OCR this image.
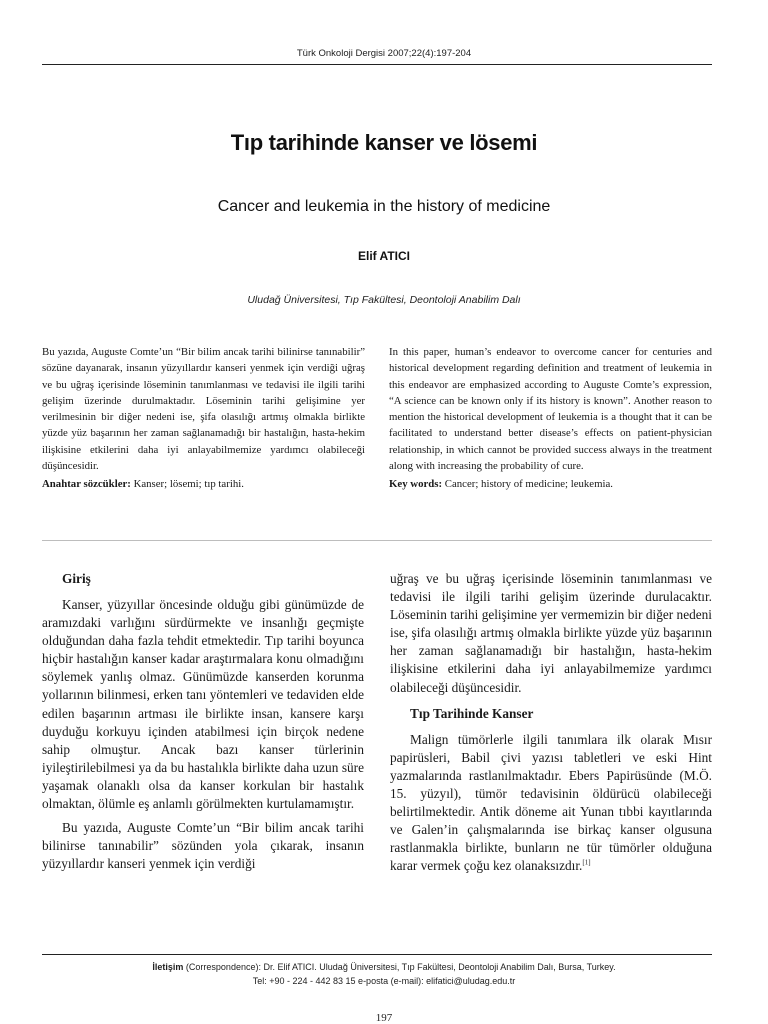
Türk Onkoloji Dergisi 2007;22(4):197-204
Tıp tarihinde kanser ve lösemi
Cancer and leukemia in the history of medicine
Elif ATICI
Uludağ Üniversitesi, Tıp Fakültesi, Deontoloji Anabilim Dalı

Bu yazıda, Auguste Comte’un “Bir bilim ancak tarihi bilinirse tanınabilir” sözüne dayanarak, insanın yüzyıllardır kanseri yenmek için verdiği uğraş ve bu uğraş içerisinde löseminin tanımlanması ve tedavisi ile ilgili tarihi gelişim üzerinde durulmaktadır. Löseminin tarihi gelişimine yer verilmesinin bir diğer nedeni ise, şifa olasılığı artmış olmakla birlikte yüzde yüz başarının her zaman sağlanamadığı bir hastalığın, hasta-hekim ilişkisine etkilerini daha iyi anlayabilmemize yardımcı olabileceği düşüncesidir.

Anahtar sözcükler: Kanser; lösemi; tıp tarihi.

In this paper, human’s endeavor to overcome cancer for centuries and historical development regarding definition and treatment of leukemia in this endeavor are emphasized according to Auguste Comte’s expression, “A science can be known only if its history is known”. Another reason to mention the historical development of leukemia is a thought that it can be facilitated to understand better disease’s effects on patient-physician relationship, in which cannot be provided success always in the treatment along with increasing the probability of cure.

Key words: Cancer; history of medicine; leukemia.

Giriş

Kanser, yüzyıllar öncesinde olduğu gibi günümüzde de aramızdaki varlığını sürdürmekte ve insanlığı geçmişte olduğundan daha fazla tehdit etmektedir. Tıp tarihi boyunca hiçbir hastalığın kanser kadar araştırmalara konu olmadığını söylemek yanlış olmaz. Günümüzde kanserden korunma yollarının bilinmesi, erken tanı yöntemleri ve tedaviden elde edilen başarının artması ile birlikte insan, kansere karşı duyduğu korkuyu içinden atabilmesi için birçok nedene sahip olmuştur. Ancak bazı kanser türlerinin iyileştirilebilmesi ya da bu hastalıkla birlikte daha uzun süre yaşamak olanaklı olsa da kanser korkulan bir hastalık olmaktan, ölümle eş anlamlı görülmekten kurtulamamıştır.

Bu yazıda, Auguste Comte’un “Bir bilim ancak tarihi bilinirse tanınabilir” sözünden yola çıkarak, insanın yüzyıllardır kanseri yenmek için verdiği

uğraş ve bu uğraş içerisinde löseminin tanımlanması ve tedavisi ile ilgili tarihi gelişim üzerinde durulacaktır. Löseminin tarihi gelişimine yer vermemizin bir diğer nedeni ise, şifa olasılığı artmış olmakla birlikte yüzde yüz başarının her zaman sağlanamadığı bir hastalığın, hasta-hekim ilişkisine etkilerini daha iyi anlayabilmemize yardımcı olabileceği düşüncesidir.

Tıp Tarihinde Kanser

Malign tümörlerle ilgili tanımlara ilk olarak Mısır papirüsleri, Babil çivi yazısı tabletleri ve eski Hint yazmalarında rastlanılmaktadır. Ebers Papirüsünde (M.Ö. 15. yüzyıl), tümör tedavisinin öldürücü olabileceği belirtilmektedir. Antik döneme ait Yunan tıbbi kayıtlarında ve Galen’in çalışmalarında ise birkaç kanser olgusuna rastlanmakla birlikte, bunların ne tür tümörler olduğuna karar vermek çoğu kez olanaksızdır.[1]

İletişim (Correspondence): Dr. Elif ATICI. Uludağ Üniversitesi, Tıp Fakültesi, Deontoloji Anabilim Dalı, Bursa, Turkey.
Tel: +90 - 224 - 442 83 15 e-posta (e-mail): elifatici@uludag.edu.tr
197
